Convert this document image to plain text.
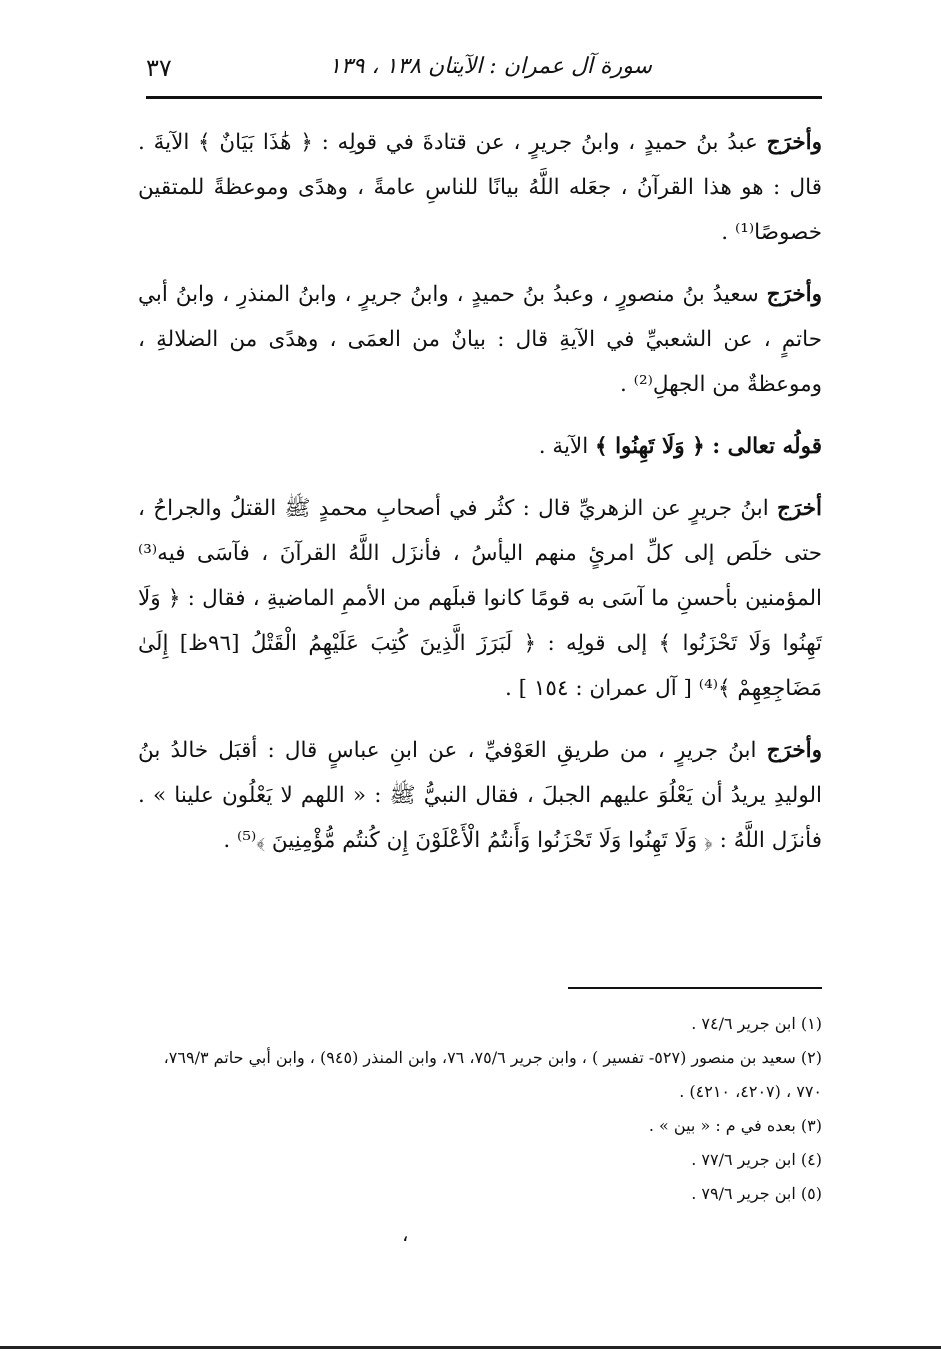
سورة آل عمران : الآيتان ١٣٨ ، ١٣٩
٣٧

وأخرَج عبدُ بنُ حميدٍ ، وابنُ جريرٍ ، عن قتادةَ في قولِه : ﴿ هَٰذَا بَيَانٌ ﴾ الآيةَ . قال : هو هذا القرآنُ ، جعَله اللَّهُ بيانًا للناسِ عامةً ، وهدًى وموعظةً للمتقين خصوصًا⁽¹⁾ .

وأخرَج سعيدُ بنُ منصورٍ ، وعبدُ بنُ حميدٍ ، وابنُ جريرٍ ، وابنُ المنذرِ ، وابنُ أبي حاتمٍ ، عن الشعبيِّ في الآيةِ قال : بيانٌ من العمَى ، وهدًى من الضلالةِ ، وموعظةٌ من الجهلِ⁽²⁾ .

قولُه تعالى : ﴿ وَلَا تَهِنُوا ﴾ الآية .

أخرَج ابنُ جريرٍ عن الزهريِّ قال : كثُر في أصحابِ محمدٍ ﷺ القتلُ والجراحُ ، حتى خلَص إلى كلِّ امرئٍ منهم اليأسُ ، فأنزَل اللَّهُ القرآنَ ، فآسَى فيه⁽³⁾ المؤمنين بأحسنِ ما آسَى به قومًا كانوا قبلَهم من الأممِ الماضيةِ ، فقال : ﴿ وَلَا تَهِنُوا وَلَا تَحْزَنُوا ﴾ إلى قولِه : ﴿ لَبَرَزَ الَّذِينَ كُتِبَ عَلَيْهِمُ الْقَتْلُ [٩٦ظ] إِلَىٰ مَضَاجِعِهِمْ ﴾⁽⁴⁾ [ آل عمران : ١٥٤ ] .

وأخرَج ابنُ جريرٍ ، من طريقِ العَوْفيِّ ، عن ابنِ عباسٍ قال : أقبَل خالدُ بنُ الوليدِ يريدُ أن يَعْلُوَ عليهم الجبلَ ، فقال النبيُّ ﷺ : « اللهم لا يَعْلُون علينا » . فأنزَل اللَّهُ : ﴿ وَلَا تَهِنُوا وَلَا تَحْزَنُوا وَأَنتُمُ الْأَعْلَوْنَ إِن كُنتُم مُّؤْمِنِينَ ﴾⁽⁵⁾ .

(١) ابن جرير ٧٤/٦ .

(٢) سعيد بن منصور (٥٢٧- تفسير ) ، وابن جرير ٧٥/٦، ٧٦، وابن المنذر (٩٤٥) ، وابن أبي حاتم ٧٦٩/٣، ٧٧٠ ، (٤٢٠٧، ٤٢١٠) .

(٣) بعده في م : « بين » .

(٤) ابن جرير ٧٧/٦ .

(٥) ابن جرير ٧٩/٦ .

،
